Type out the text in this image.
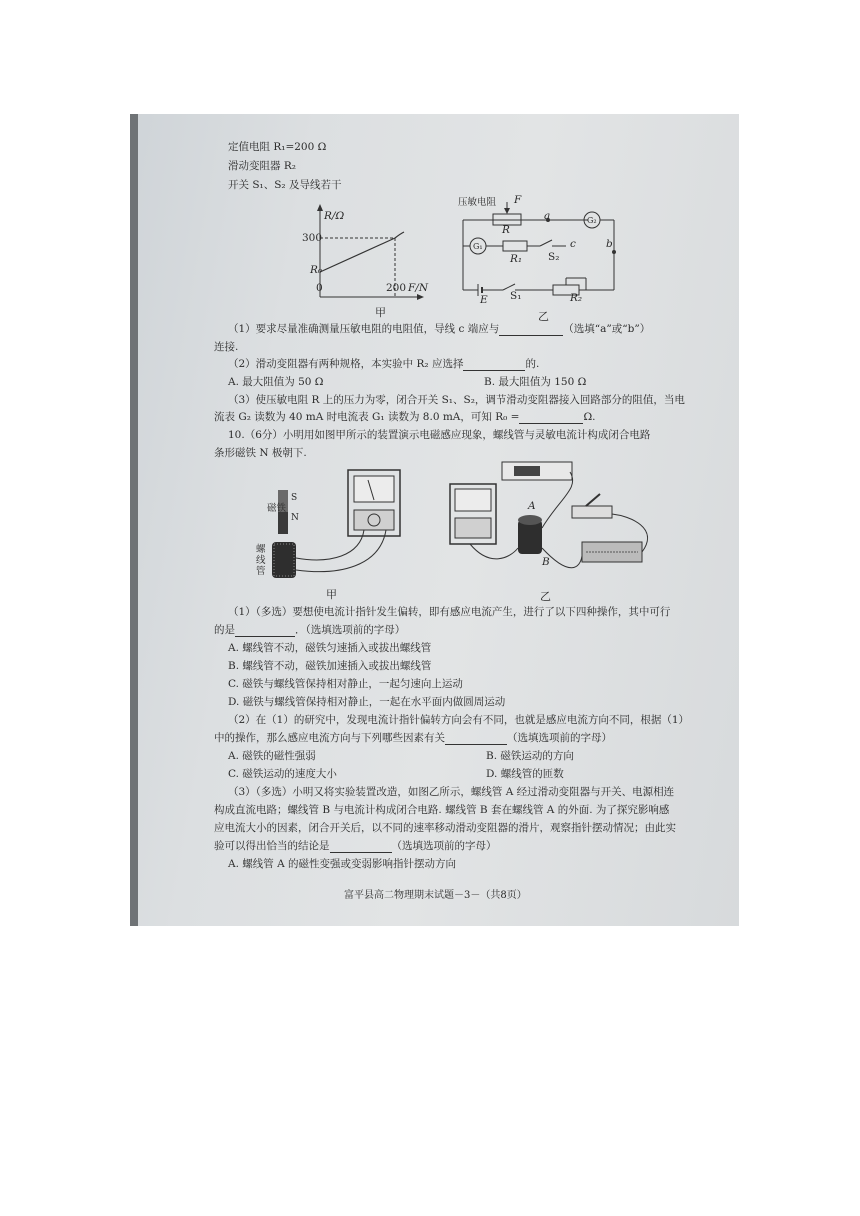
定值电阻 R₁=200 Ω
滑动变阻器 R₂
开关 S₁、S₂ 及导线若干
R/Ω
300
R₀
0	200 F/N
甲
压敏电阻 F
R
a	G₂
G₁
R₁ S₂
c	b
E S₁	R₂
乙
（1）要求尽量准确测量压敏电阻的电阻值，导线 c 端应与	（选填“a”或“b”）
连接.
（2）滑动变阻器有两种规格，本实验中 R₂ 应选择	的.
A. 最大阻值为 50 Ω	B. 最大阻值为 150 Ω
（3）使压敏电阻 R 上的压力为零，闭合开关 S₁、S₂，调节滑动变阻器接入回路部分的阻值，当电
流表 G₂ 读数为 40 mA 时电流表 G₁ 读数为 8.0 mA，可知 R₀ =	Ω.
10.（6分）小明用如图甲所示的装置演示电磁感应现象，螺线管与灵敏电流计构成闭合电路
条形磁铁 N 极朝下.
磁铁
S
N
螺线管
甲
A
B
乙
（1）（多选）要想使电流计指针发生偏转，即有感应电流产生，进行了以下四种操作，其中可行
的是	．（选填选项前的字母）
A. 螺线管不动，磁铁匀速插入或拔出螺线管
B. 螺线管不动，磁铁加速插入或拔出螺线管
C. 磁铁与螺线管保持相对静止，一起匀速向上运动
D. 磁铁与螺线管保持相对静止，一起在水平面内做圆周运动
（2）在（1）的研究中，发现电流计指针偏转方向会有不同，也就是感应电流方向不同，根据（1）
中的操作，那么感应电流方向与下列哪些因素有关	（选填选项前的字母）
A. 磁铁的磁性强弱	B. 磁铁运动的方向
C. 磁铁运动的速度大小	D. 螺线管的匝数
（3）（多选）小明又将实验装置改造，如图乙所示，螺线管 A 经过滑动变阻器与开关、电源相连
构成直流电路；螺线管 B 与电流计构成闭合电路. 螺线管 B 套在螺线管 A 的外面. 为了探究影响感
应电流大小的因素，闭合开关后，以不同的速率移动滑动变阻器的滑片，观察指针摆动情况；由此实
验可以得出恰当的结论是	（选填选项前的字母）
A. 螺线管 A 的磁性变强或变弱影响指针摆动方向
富平县高二物理期末试题－3－（共8页）
